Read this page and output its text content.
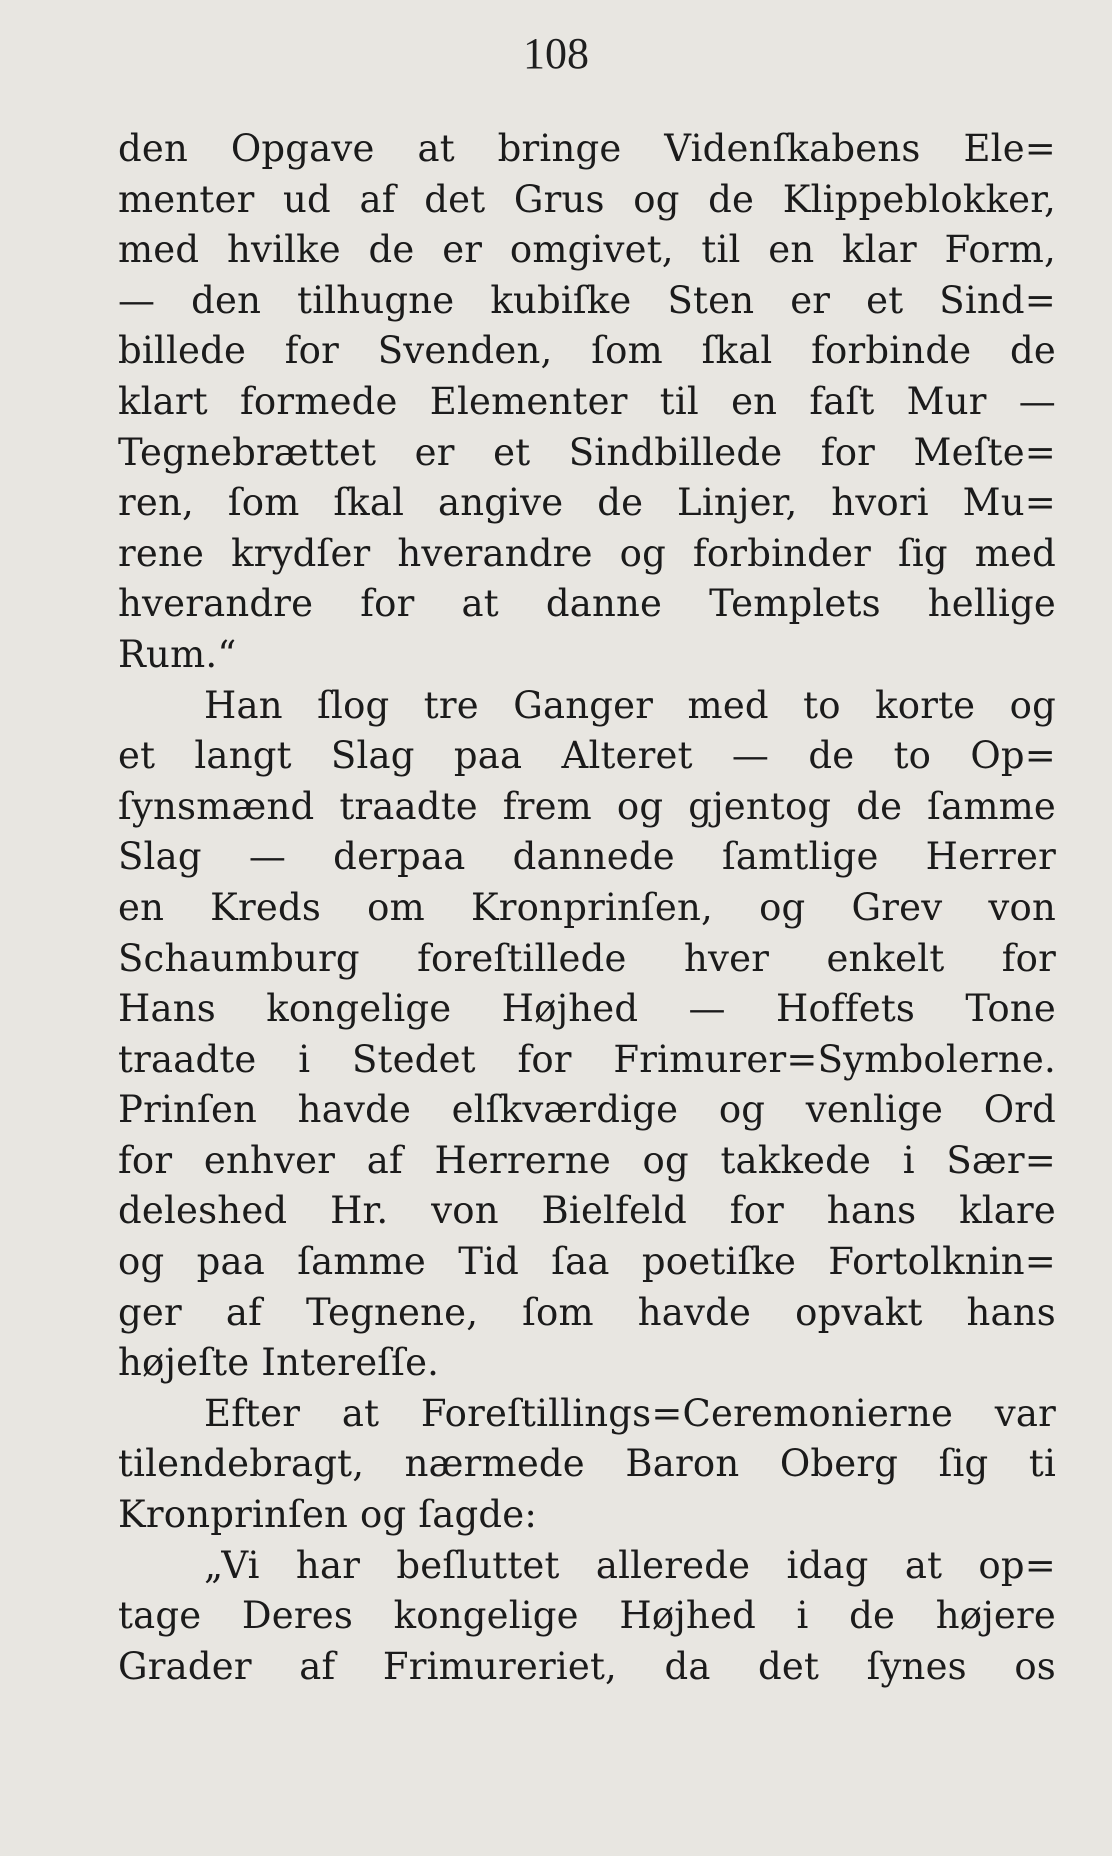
108
den Opgave at bringe Videnſkabens Ele=
menter ud af det Grus og de Klippeblokker,
med hvilke de er omgivet, til en klar Form,
— den tilhugne kubiſke Sten er et Sind=
billede for Svenden, ſom ſkal forbinde de
klart formede Elementer til en faſt Mur —
Tegnebrættet er et Sindbillede for Meſte=
ren, ſom ſkal angive de Linjer, hvori Mu=
rene krydſer hverandre og forbinder ſig med
hverandre for at danne Templets hellige
Rum.“
Han ſlog tre Ganger med to korte og
et langt Slag paa Alteret — de to Op=
ſynsmænd traadte frem og gjentog de ſamme
Slag — derpaa dannede ſamtlige Herrer
en Kreds om Kronprinſen, og Grev von
Schaumburg foreſtillede hver enkelt for
Hans kongelige Højhed — Hoffets Tone
traadte i Stedet for Frimurer=Symbolerne.
Prinſen havde elſkværdige og venlige Ord
for enhver af Herrerne og takkede i Sær=
deleshed Hr. von Bielfeld for hans klare
og paa ſamme Tid ſaa poetiſke Fortolknin=
ger af Tegnene, ſom havde opvakt hans
højeſte Intereſſe.
Efter at Foreſtillings=Ceremonierne var
tilendebragt, nærmede Baron Oberg ſig ti
Kronprinſen og ſagde:
„Vi har beſluttet allerede idag at op=
tage Deres kongelige Højhed i de højere
Grader af Frimureriet, da det ſynes os
